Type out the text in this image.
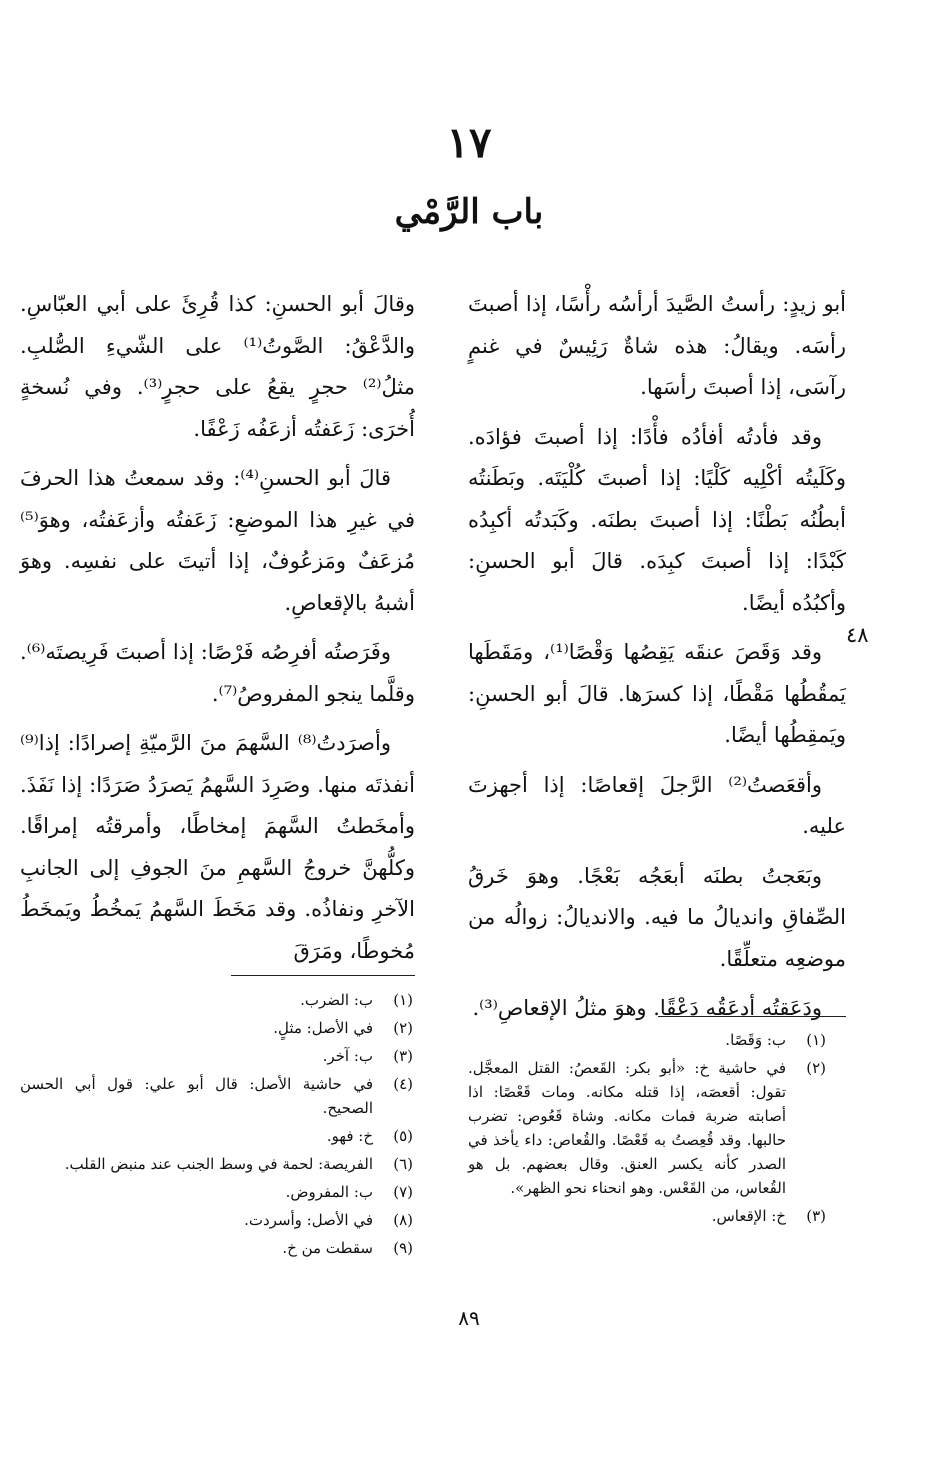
١٧
باب الرَّمْي
٤٨

أبو زيدٍ: رأستُ الصَّيدَ أرأسُه رأْسًا، إذا أصبتَ رأسَه. ويقالُ: هذه شاةٌ رَئِيسٌ في غنمٍ رآسَى، إذا أصبتَ رأسَها.

وقد فأدتُه أفأدُه فأْدًا: إذا أصبتَ فؤادَه. وكَلَيتُه أكْلِيه كَلْيًا: إذا أصبتَ كُلْيَتَه. وبَطَنتُه أبطُنُه بَطْنًا: إذا أصبتَ بطنَه. وكَبَدتُه أكبِدُه كَبْدًا: إذا أصبتَ كبِدَه. قالَ أبو الحسنِ: وأكبُدُه أيضًا.

وقد وَقَصَ عنقَه يَقِصُها وَقْصًا⁽¹⁾، ومَقَطَها يَمقُطُها مَقْطًا، إذا كسرَها. قالَ أبو الحسنِ: ويَمقِطُها أيضًا.

وأقعَصتُ⁽²⁾ الرَّجلَ إقعاصًا: إذا أجهزتَ عليه.

وبَعَجتُ بطنَه أبعَجُه بَعْجًا. وهوَ خَرقُ الصِّفاقِ وانديالُ ما فيه. والانديالُ: زوالُه من موضعِه متعلِّقًا.

ودَعَقتُه أدعَقُه دَعْقًا. وهوَ مثلُ الإقعاصِ⁽³⁾.

وقالَ أبو الحسنِ: كذا قُرِئَ على أبي العبّاسِ. والدَّعْقُ: الصَّوتُ⁽¹⁾ على الشّيءِ الصُّلبِ. مثلُ⁽²⁾ حجرٍ يقعُ على حجرٍ⁽³⁾. وفي نُسخةٍ أُخرَى: زَعَفتُه أزعَفُه زَعْفًا.

قالَ أبو الحسنِ⁽⁴⁾: وقد سمعتُ هذا الحرفَ في غيرِ هذا الموضعِ: زَعَفتُه وأزعَفتُه، وهوَ⁽⁵⁾ مُزعَفٌ ومَزعُوفٌ، إذا أتيتَ على نفسِه. وهوَ أشبهُ بالإقعاصِ.

وفَرَصتُه أفرِصُه فَرْصًا: إذا أصبتَ فَرِيصتَه⁽⁶⁾. وقلَّما ينجو المفروصُ⁽⁷⁾.

وأصرَدتُ⁽⁸⁾ السَّهمَ منَ الرَّميّةِ إصرادًا: إذا⁽⁹⁾ أنفذتَه منها. وصَرِدَ السَّهمُ يَصرَدُ صَرَدًا: إذا نَفَذَ. وأمخَطتُ السَّهمَ إمخاطًا، وأمرقتُه إمراقًا. وكلُّهنَّ خروجُ السَّهمِ منَ الجوفِ إلى الجانبِ الآخرِ ونفاذُه. وقد مَخَطَ السَّهمُ يَمخُطُ ويَمخَطُ مُخوطًا، ومَرَقَ

(١)
ب: وَقَصًا.
(٢)
في حاشية خ: «أبو بكر: القَعصُ: القتل المعجَّل. تقول: أقعصَه، إذا قتله مكانه. ومات قَعْصًا: اذا أصابته ضربة فمات مكانه. وشاة قَعُوص: تضرب حالبها. وقد قُعِصتُ به قَعْصًا. والقُعاص: داء يأخذ في الصدر كأنه يكسر العنق. وقال بعضهم. بل هو القُعاس، من القَعْس. وهو انحناء نحو الظهر».
(٣)
خ: الإقعاس.
(١)
ب: الضرب.
(٢)
في الأصل: مثلٍ.
(٣)
ب: آخر.
(٤)
في حاشية الأصل: قال أبو علي: قول أبي الحسن الصحيح.
(٥)
خ: فهو.
(٦)
الفريصة: لحمة في وسط الجنب عند منبض القلب.
(٧)
ب: المفروض.
(٨)
في الأصل: وأسردت.
(٩)
سقطت من خ.
٨٩
